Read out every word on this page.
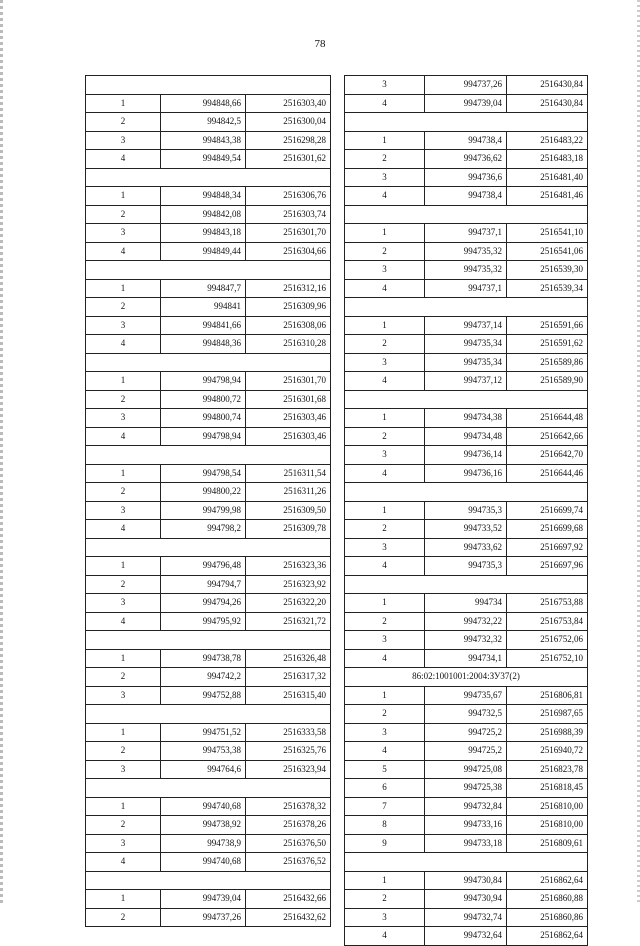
78

1	994848,66	2516303,40
2	994842,5	2516300,04
3	994843,38	2516298,28
4	994849,54	2516301,62

1	994848,34	2516306,76
2	994842,08	2516303,74
3	994843,18	2516301,70
4	994849,44	2516304,66

1	994847,7	2516312,16
2	994841	2516309,96
3	994841,66	2516308,06
4	994848,36	2516310,28

1	994798,94	2516301,70
2	994800,72	2516301,68
3	994800,74	2516303,46
4	994798,94	2516303,46

1	994798,54	2516311,54
2	994800,22	2516311,26
3	994799,98	2516309,50
4	994798,2	2516309,78

1	994796,48	2516323,36
2	994794,7	2516323,92
3	994794,26	2516322,20
4	994795,92	2516321,72

1	994738,78	2516326,48
2	994742,2	2516317,32
3	994752,88	2516315,40

1	994751,52	2516333,58
2	994753,38	2516325,76
3	994764,6	2516323,94

1	994740,68	2516378,32
2	994738,92	2516378,26
3	994738,9	2516376,50
4	994740,68	2516376,52

1	994739,04	2516432,66
2	994737,26	2516432,62
3	994737,26	2516430,84
4	994739,04	2516430,84

1	994738,4	2516483,22
2	994736,62	2516483,18
3	994736,6	2516481,40
4	994738,4	2516481,46

1	994737,1	2516541,10
2	994735,32	2516541,06
3	994735,32	2516539,30
4	994737,1	2516539,34

1	994737,14	2516591,66
2	994735,34	2516591,62
3	994735,34	2516589,86
4	994737,12	2516589,90

1	994734,38	2516644,48
2	994734,48	2516642,66
3	994736,14	2516642,70
4	994736,16	2516644,46

1	994735,3	2516699,74
2	994733,52	2516699,68
3	994733,62	2516697,92
4	994735,3	2516697,96

1	994734	2516753,88
2	994732,22	2516753,84
3	994732,32	2516752,06
4	994734,1	2516752,10
86:02:1001001:2004:ЗУ37(2)		
1	994735,67	2516806,81
2	994732,5	2516987,65
3	994725,2	2516988,39
4	994725,2	2516940,72
5	994725,08	2516823,78
6	994725,38	2516818,45
7	994732,84	2516810,00
8	994733,16	2516810,00
9	994733,18	2516809,61

1	994730,84	2516862,64
2	994730,94	2516860,88
3	994732,74	2516860,86
4	994732,64	2516862,64
